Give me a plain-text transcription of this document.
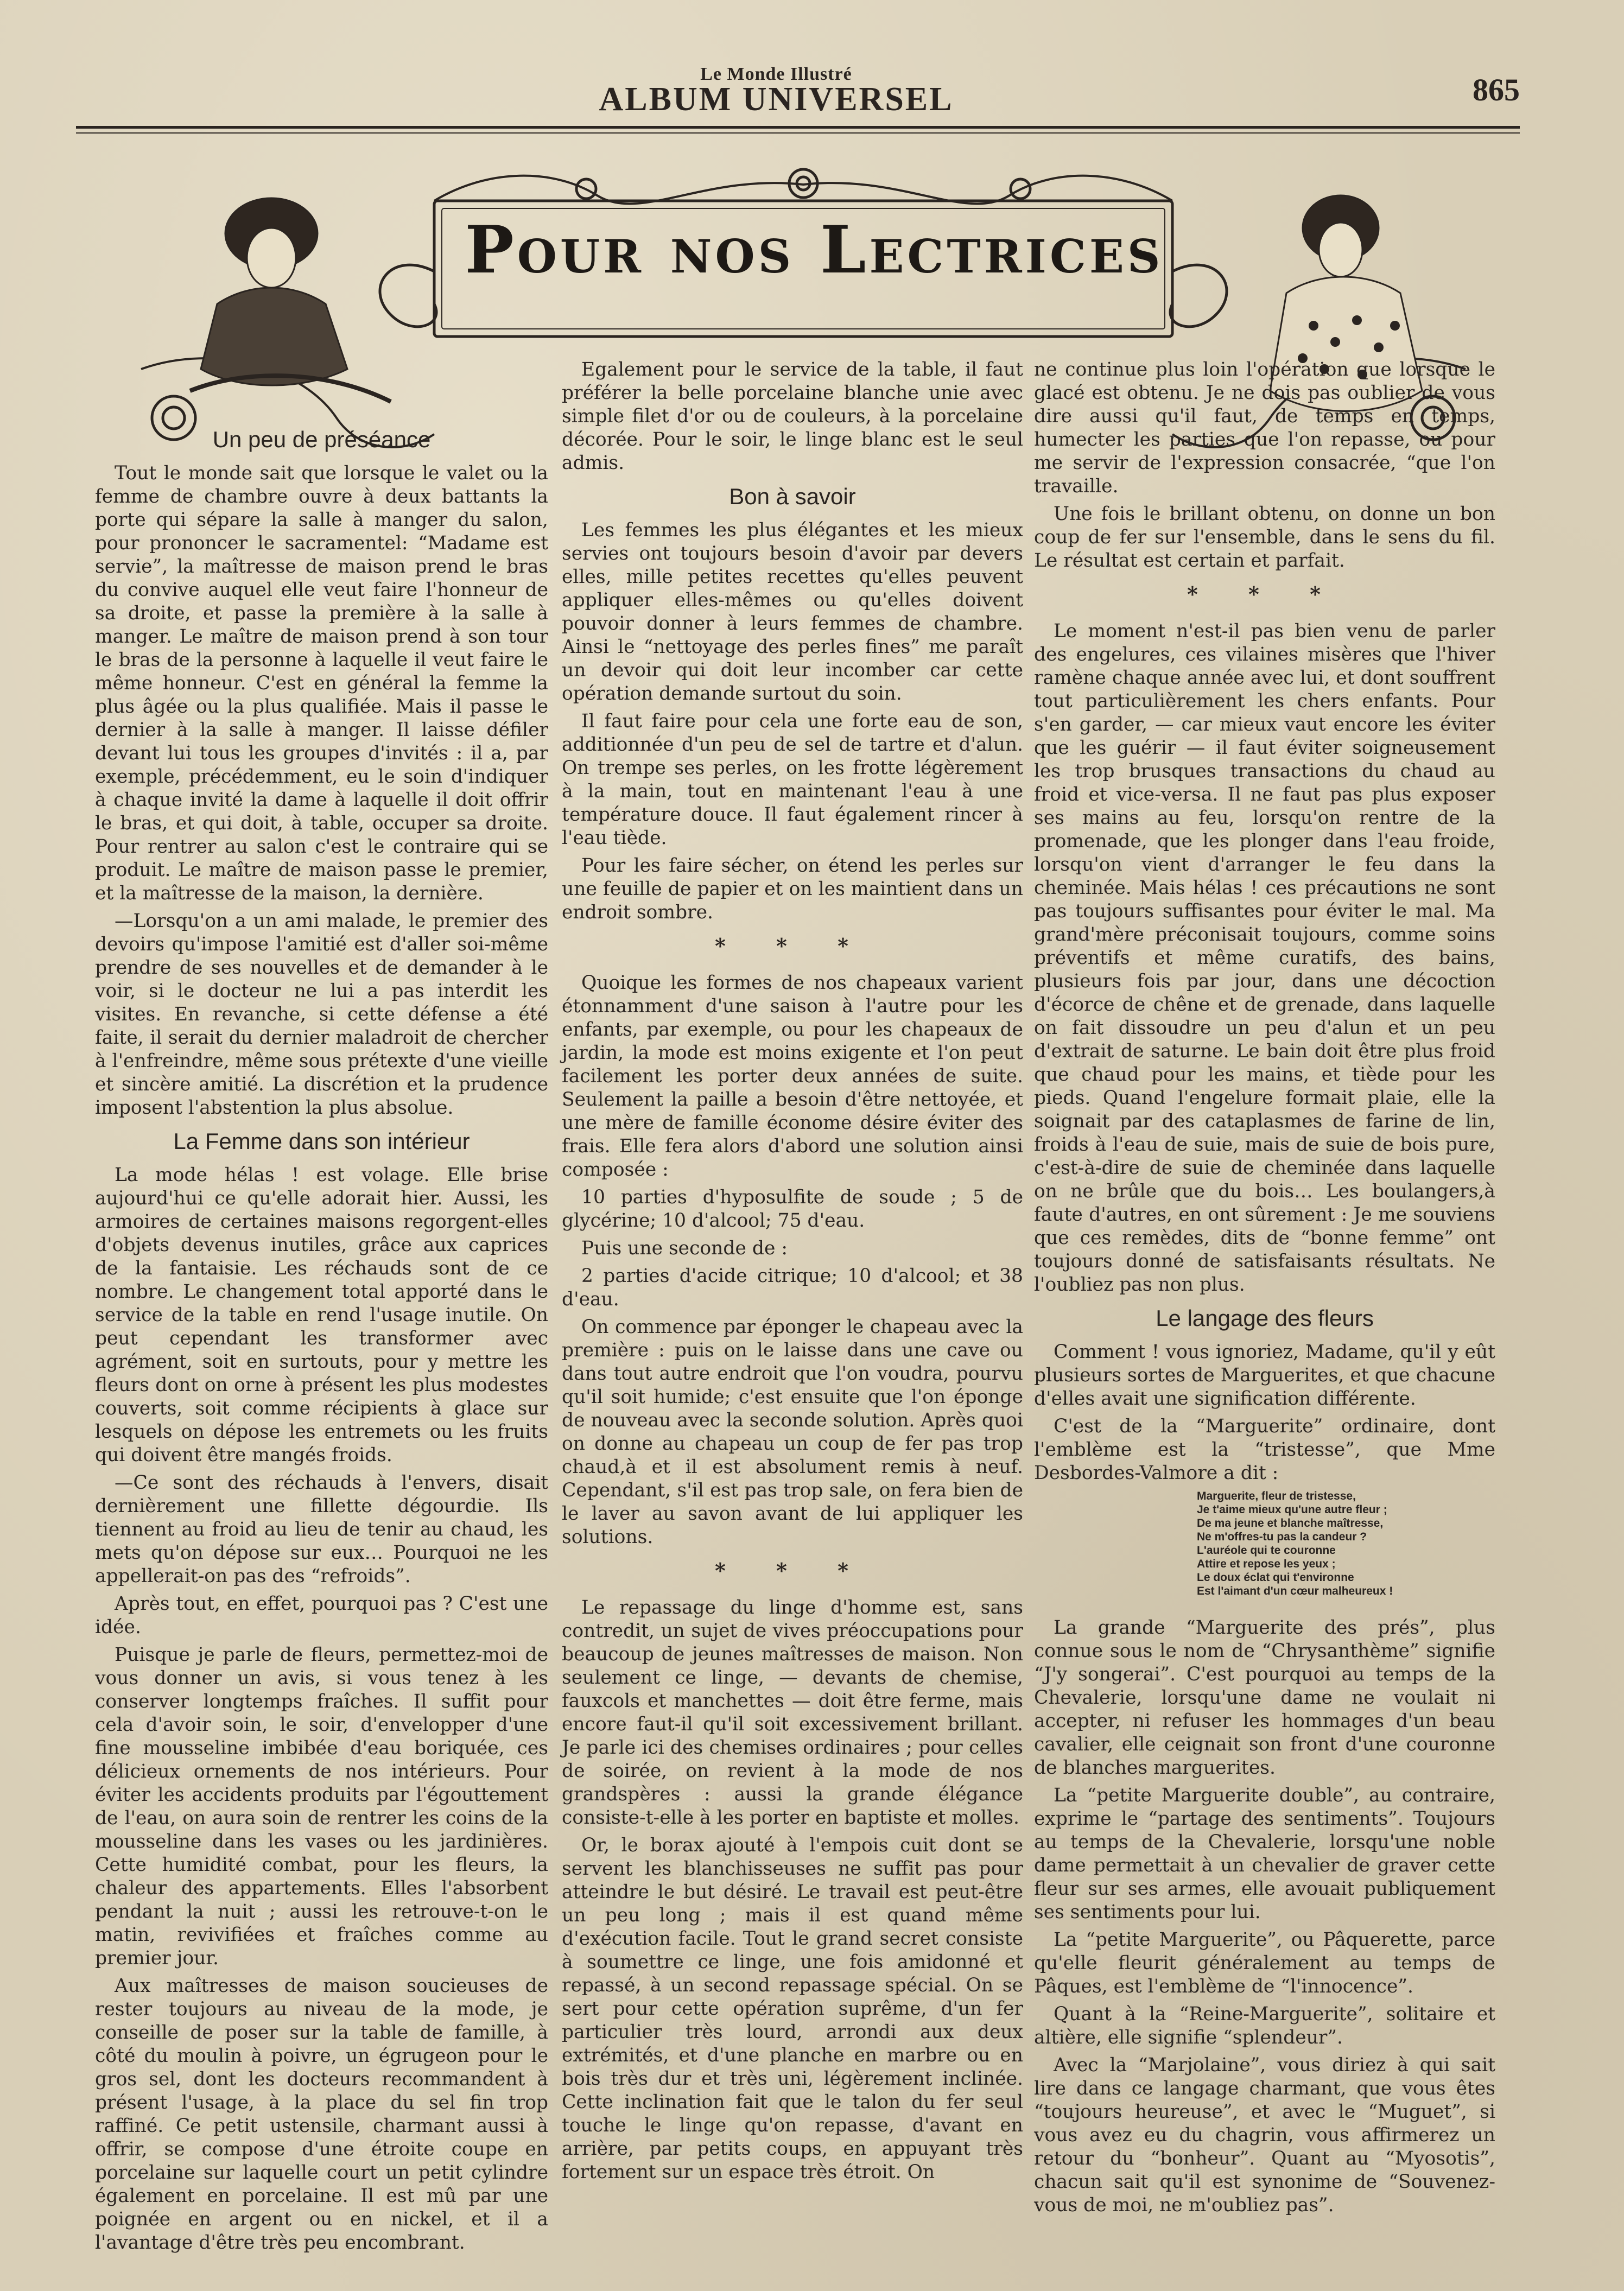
Le Monde Illustré
ALBUM UNIVERSEL	865
Pour nos Lectrices
Un peu de préséance

Tout le monde sait que lorsque le valet ou la femme de chambre ouvre à deux battants la porte qui sépare la salle à manger du salon, pour prononcer le sacramentel: “Madame est servie”, la maîtresse de maison prend le bras du convive auquel elle veut faire l'honneur de sa droite, et passe la première à la salle à manger. Le maître de maison prend à son tour le bras de la personne à laquelle il veut faire le même honneur. C'est en général la femme la plus âgée ou la plus qualifiée. Mais il passe le dernier à la salle à manger. Il laisse défiler devant lui tous les groupes d'invités : il a, par exemple, précédemment, eu le soin d'indiquer à chaque invité la dame à laquelle il doit offrir le bras, et qui doit, à table, occuper sa droite. Pour rentrer au salon c'est le contraire qui se produit. Le maître de maison passe le premier, et la maîtresse de la maison, la dernière.

—Lorsqu'on a un ami malade, le premier des devoirs qu'impose l'amitié est d'aller soi-même prendre de ses nouvelles et de demander à le voir, si le docteur ne lui a pas interdit les visites. En revanche, si cette défense a été faite, il serait du dernier maladroit de chercher à l'enfreindre, même sous prétexte d'une vieille et sincère amitié. La discrétion et la prudence imposent l'abstention la plus absolue.

La Femme dans son intérieur

La mode hélas ! est volage. Elle brise aujourd'hui ce qu'elle adorait hier. Aussi, les armoires de certaines maisons regorgent-elles d'objets devenus inutiles, grâce aux caprices de la fantaisie. Les réchauds sont de ce nombre. Le changement total apporté dans le service de la table en rend l'usage inutile. On peut cependant les transformer avec agrément, soit en surtouts, pour y mettre les fleurs dont on orne à présent les plus modestes couverts, soit comme récipients à glace sur lesquels on dépose les entremets ou les fruits qui doivent être mangés froids.

—Ce sont des réchauds à l'envers, disait dernièrement une fillette dégourdie. Ils tiennent au froid au lieu de tenir au chaud, les mets qu'on dépose sur eux… Pourquoi ne les appellerait-on pas des “refroids”.

Après tout, en effet, pourquoi pas ? C'est une idée.

Puisque je parle de fleurs, permettez-moi de vous donner un avis, si vous tenez à les conserver longtemps fraîches. Il suffit pour cela d'avoir soin, le soir, d'envelopper d'une fine mousseline imbibée d'eau boriquée, ces délicieux ornements de nos intérieurs. Pour éviter les accidents produits par l'égouttement de l'eau, on aura soin de rentrer les coins de la mousseline dans les vases ou les jardinières. Cette humidité combat, pour les fleurs, la chaleur des appartements. Elles l'absorbent pendant la nuit ; aussi les retrouve-t-on le matin, revivifiées et fraîches comme au premier jour.

Aux maîtresses de maison soucieuses de rester toujours au niveau de la mode, je conseille de poser sur la table de famille, à côté du moulin à poivre, un égrugeon pour le gros sel, dont les docteurs recommandent à présent l'usage, à la place du sel fin trop raffiné. Ce petit ustensile, charmant aussi à offrir, se compose d'une étroite coupe en porcelaine sur laquelle court un petit cylindre également en porcelaine. Il est mû par une poignée en argent ou en nickel, et il a l'avantage d'être très peu encombrant.

Egalement pour le service de la table, il faut préférer la belle porcelaine blanche unie avec simple filet d'or ou de couleurs, à la porcelaine décorée. Pour le soir, le linge blanc est le seul admis.

Bon à savoir

Les femmes les plus élégantes et les mieux servies ont toujours besoin d'avoir par devers elles, mille petites recettes qu'elles peuvent appliquer elles-mêmes ou qu'elles doivent pouvoir donner à leurs femmes de chambre. Ainsi le “nettoyage des perles fines” me paraît un devoir qui doit leur incomber car cette opération demande surtout du soin.

Il faut faire pour cela une forte eau de son, additionnée d'un peu de sel de tartre et d'alun. On trempe ses perles, on les frotte légèrement à la main, tout en maintenant l'eau à une température douce. Il faut également rincer à l'eau tiède.

Pour les faire sécher, on étend les perles sur une feuille de papier et on les maintient dans un endroit sombre.

* * *

Quoique les formes de nos chapeaux varient étonnamment d'une saison à l'autre pour les enfants, par exemple, ou pour les chapeaux de jardin, la mode est moins exigente et l'on peut facilement les porter deux années de suite. Seulement la paille a besoin d'être nettoyée, et une mère de famille économe désire éviter des frais. Elle fera alors d'abord une solution ainsi composée :

10 parties d'hyposulfite de soude ; 5 de glycérine; 10 d'alcool; 75 d'eau.

Puis une seconde de :

2 parties d'acide citrique; 10 d'alcool; et 38 d'eau.

On commence par éponger le chapeau avec la première : puis on le laisse dans une cave ou dans tout autre endroit que l'on voudra, pourvu qu'il soit humide; c'est ensuite que l'on éponge de nouveau avec la seconde solution. Après quoi on donne au chapeau un coup de fer pas trop chaud,à et il est absolument remis à neuf. Cependant, s'il est pas trop sale, on fera bien de le laver au savon avant de lui appliquer les solutions.

* * *

Le repassage du linge d'homme est, sans contredit, un sujet de vives préoccupations pour beaucoup de jeunes maîtresses de maison. Non seulement ce linge, — devants de chemise, fauxcols et manchettes — doit être ferme, mais encore faut-il qu'il soit excessivement brillant. Je parle ici des chemises ordinaires ; pour celles de soirée, on revient à la mode de nos grandspères : aussi la grande élégance consiste-t-elle à les porter en baptiste et molles.

Or, le borax ajouté à l'empois cuit dont se servent les blanchisseuses ne suffit pas pour atteindre le but désiré. Le travail est peut-être un peu long ; mais il est quand même d'exécution facile. Tout le grand secret consiste à soumettre ce linge, une fois amidonné et repassé, à un second repassage spécial. On se sert pour cette opération suprême, d'un fer particulier très lourd, arrondi aux deux extrémités, et d'une planche en marbre ou en bois très dur et très uni, légèrement inclinée. Cette inclination fait que le talon du fer seul touche le linge qu'on repasse, d'avant en arrière, par petits coups, en appuyant très fortement sur un espace très étroit. On

ne continue plus loin l'opération que lorsque le glacé est obtenu. Je ne dois pas oublier de vous dire aussi qu'il faut, de temps en temps, humecter les parties que l'on repasse, ou pour me servir de l'expression consacrée, “que l'on travaille.

Une fois le brillant obtenu, on donne un bon coup de fer sur l'ensemble, dans le sens du fil. Le résultat est certain et parfait.

* * *

Le moment n'est-il pas bien venu de parler des engelures, ces vilaines misères que l'hiver ramène chaque année avec lui, et dont souffrent tout particulièrement les chers enfants. Pour s'en garder, — car mieux vaut encore les éviter que les guérir — il faut éviter soigneusement les trop brusques transactions du chaud au froid et vice-versa. Il ne faut pas plus exposer ses mains au feu, lorsqu'on rentre de la promenade, que les plonger dans l'eau froide, lorsqu'on vient d'arranger le feu dans la cheminée. Mais hélas ! ces précautions ne sont pas toujours suffisantes pour éviter le mal. Ma grand'mère préconisait toujours, comme soins préventifs et même curatifs, des bains, plusieurs fois par jour, dans une décoction d'écorce de chêne et de grenade, dans laquelle on fait dissoudre un peu d'alun et un peu d'extrait de saturne. Le bain doit être plus froid que chaud pour les mains, et tiède pour les pieds. Quand l'engelure formait plaie, elle la soignait par des cataplasmes de farine de lin, froids à l'eau de suie, mais de suie de bois pure, c'est-à-dire de suie de cheminée dans laquelle on ne brûle que du bois… Les boulangers,à faute d'autres, en ont sûrement : Je me souviens que ces remèdes, dits de “bonne femme” ont toujours donné de satisfaisants résultats. Ne l'oubliez pas non plus.

Le langage des fleurs

Comment ! vous ignoriez, Madame, qu'il y eût plusieurs sortes de Marguerites, et que chacune d'elles avait une signification différente.

C'est de la “Marguerite” ordinaire, dont l'emblème est la “tristesse”, que Mme Desbordes-Valmore a dit :

Marguerite, fleur de tristesse,
Je t'aime mieux qu'une autre fleur ;
De ma jeune et blanche maîtresse,
Ne m'offres-tu pas la candeur ?
L'auréole qui te couronne
Attire et repose les yeux ;
Le doux éclat qui t'environne
Est l'aimant d'un cœur malheureux !

La grande “Marguerite des prés”, plus connue sous le nom de “Chrysanthème” signifie “J'y songerai”. C'est pourquoi au temps de la Chevalerie, lorsqu'une dame ne voulait ni accepter, ni refuser les hommages d'un beau cavalier, elle ceignait son front d'une couronne de blanches marguerites.

La “petite Marguerite double”, au contraire, exprime le “partage des sentiments”. Toujours au temps de la Chevalerie, lorsqu'une noble dame permettait à un chevalier de graver cette fleur sur ses armes, elle avouait publiquement ses sentiments pour lui.

La “petite Marguerite”, ou Pâquerette, parce qu'elle fleurit généralement au temps de Pâques, est l'emblème de “l'innocence”.

Quant à la “Reine-Marguerite”, solitaire et altière, elle signifie “splendeur”.

Avec la “Marjolaine”, vous diriez à qui sait lire dans ce langage charmant, que vous êtes “toujours heureuse”, et avec le “Muguet”, si vous avez eu du chagrin, vous affirmerez un retour du “bonheur”. Quant au “Myosotis”, chacun sait qu'il est synonime de “Souvenez-vous de moi, ne m'oubliez pas”.
